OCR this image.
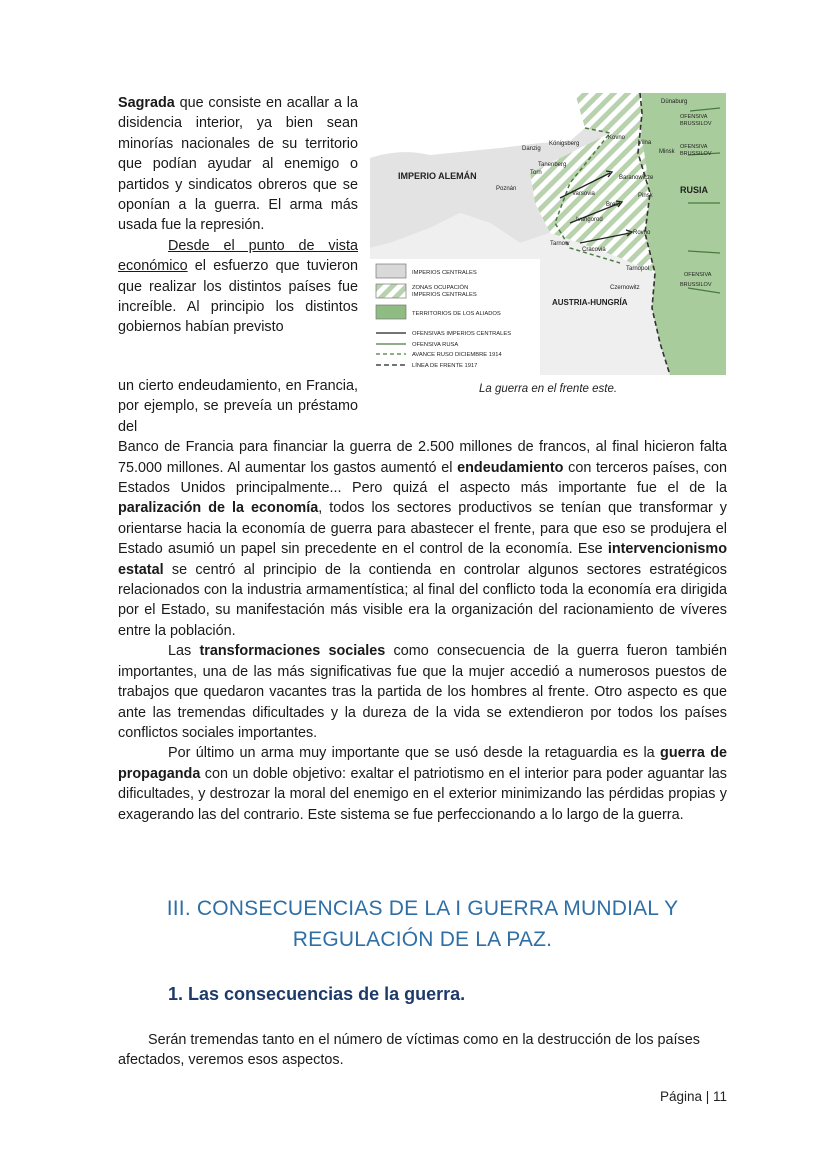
Sagrada que consiste en acallar a la disidencia interior, ya bien sean minorías nacionales de su territorio que podían ayudar al enemigo o partidos y sindicatos obreros que se oponían a la guerra. El arma más usada fue la represión.

Desde el punto de vista económico el esfuerzo que tuvieron que realizar los distintos países fue increíble. Al principio los distintos gobiernos habían previsto

IMPERIO ALEMÁN
RUSIA
AUSTRIA-HUNGRÍA
Dünaburg
Kovno
Danzig
Königsberg	Vilna
Minsk
Tanenberg
Torn
Poznán
Baranowicze
Varsovia	Pinsk
Brest
Ivangorod
Rovno
Tarnow
Cracovia
Tarnopol
Czernowitz
OFENSIVA
BRUSSILOV
OFENSIVA
BRUSSILOV
OFENSIVA
BRUSSILOV
IMPERIOS CENTRALES
ZONAS OCUPACIÓN
IMPERIOS CENTRALES
TERRITORIOS DE LOS ALIADOS
OFENSIVAS IMPERIOS CENTRALES
OFENSIVA RUSA
AVANCE RUSO DICIEMBRE 1914
LÍNEA DE FRENTE 1917
La guerra en el frente este.

un cierto endeudamiento, en Francia, por ejemplo, se preveía un préstamo del

Banco de Francia para financiar la guerra de 2.500 millones de francos, al final hicieron falta 75.000 millones. Al aumentar los gastos aumentó el endeudamiento con terceros países, con Estados Unidos principalmente... Pero quizá el aspecto más importante fue el de la paralización de la economía, todos los sectores productivos se tenían que transformar y orientarse hacia la economía de guerra para abastecer el frente, para que eso se produjera el Estado asumió un papel sin precedente en el control de la economía. Ese intervencionismo estatal se centró al principio de la contienda en controlar algunos sectores estratégicos relacionados con la industria armamentística; al final del conflicto toda la economía era dirigida por el Estado, su manifestación más visible era la organización del racionamiento de víveres entre la población.

Las transformaciones sociales como consecuencia de la guerra fueron también importantes, una de las más significativas fue que la mujer accedió a numerosos puestos de trabajos que quedaron vacantes tras la partida de los hombres al frente. Otro aspecto es que ante las tremendas dificultades y la dureza de la vida se extendieron por todos los países conflictos sociales importantes.

Por último un arma muy importante que se usó desde la retaguardia es la guerra de propaganda con un doble objetivo: exaltar el patriotismo en el interior para poder aguantar las dificultades, y destrozar la moral del enemigo en el exterior minimizando las pérdidas propias y exagerando las del contrario. Este sistema se fue perfeccionando a lo largo de la guerra.

III. CONSECUENCIAS DE LA I GUERRA MUNDIAL Y REGULACIÓN DE LA PAZ.
1. Las consecuencias de la guerra.

Serán tremendas tanto en el número de víctimas como en la destrucción de los países afectados, veremos esos aspectos.

Página | 11
